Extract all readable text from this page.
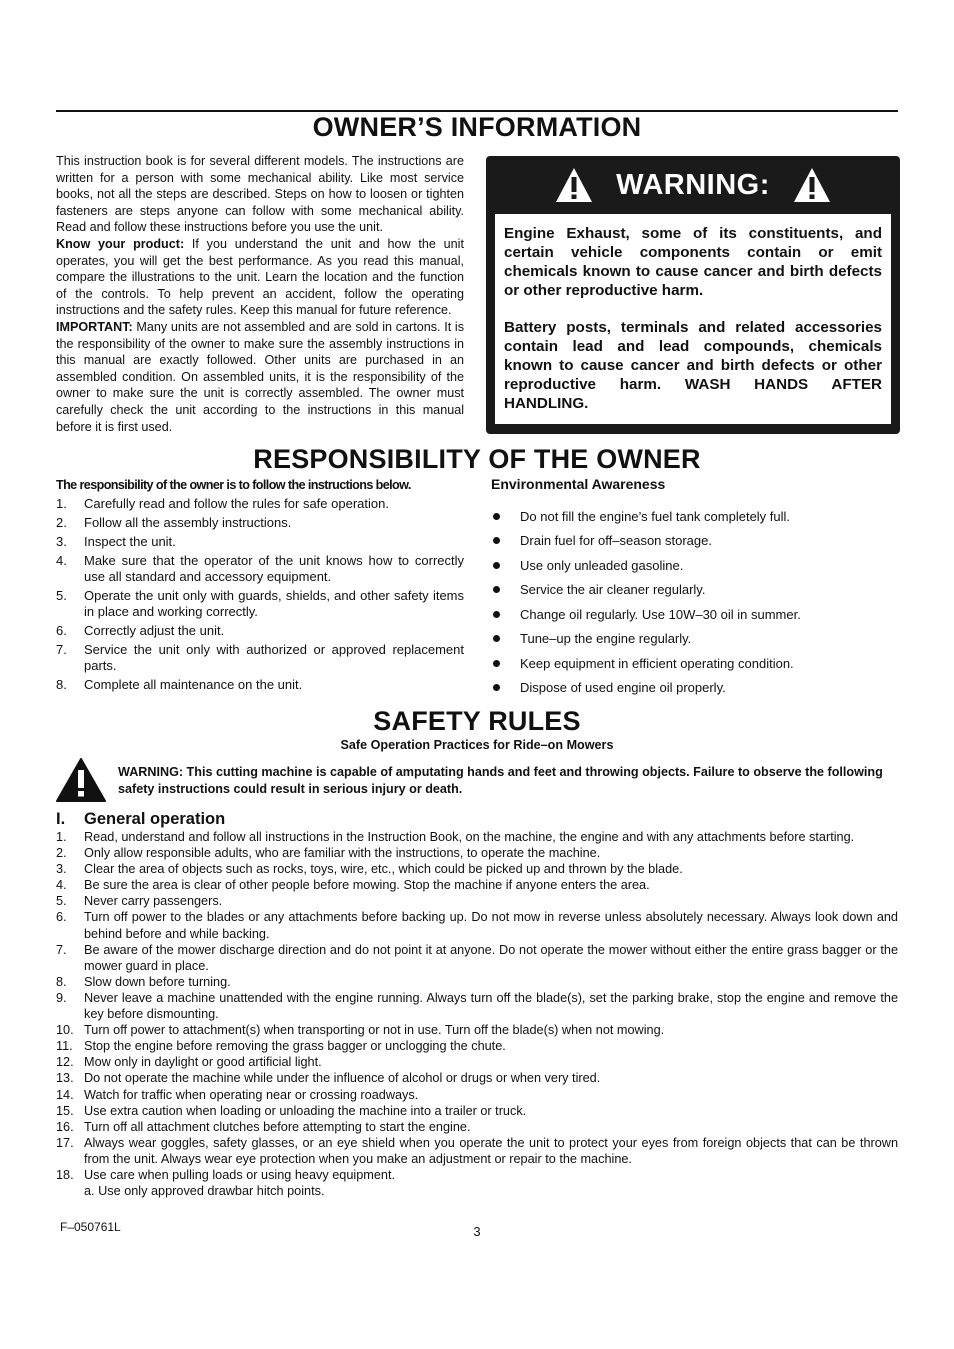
OWNER’S INFORMATION

This instruction book is for several different models. The instructions are written for a person with some mechanical ability. Like most service books, not all the steps are described. Steps on how to loosen or tighten fasteners are steps anyone can follow with some mechanical ability. Read and follow these instructions before you use the unit.

Know your product: If you understand the unit and how the unit operates, you will get the best performance. As you read this manual, compare the illustrations to the unit. Learn the location and the function of the controls. To help prevent an accident, follow the operating instructions and the safety rules. Keep this manual for future reference.

IMPORTANT: Many units are not assembled and are sold in cartons. It is the responsibility of the owner to make sure the assembly instructions in this manual are exactly followed. Other units are purchased in an assembled condition. On assembled units, it is the responsibility of the owner to make sure the unit is correctly assembled. The owner must carefully check the unit according to the instructions in this manual before it is first used.

WARNING:

Engine Exhaust, some of its constituents, and certain vehicle components contain or emit chemicals known to cause cancer and birth defects or other reproductive harm.

Battery posts, terminals and related accessories contain lead and lead compounds, chemicals known to cause cancer and birth defects or other reproductive harm. WASH HANDS AFTER HANDLING.

RESPONSIBILITY OF THE OWNER
The responsibility of the owner is to follow the instructions below.
1.	Carefully read and follow the rules for safe operation.
2.	Follow all the assembly instructions.
3.	Inspect the unit.
4.	Make sure that the operator of the unit knows how to correctly use all standard and accessory equipment.
5.	Operate the unit only with guards, shields, and other safety items in place and working correctly.
6.	Correctly adjust the unit.
7.	Service the unit only with authorized or approved replacement parts.
8.	Complete all maintenance on the unit.
Environmental Awareness
Do not fill the engine’s fuel tank completely full.
Drain fuel for off–season storage.
Use only unleaded gasoline.
Service the air cleaner regularly.
Change oil regularly. Use 10W–30 oil in summer.
Tune–up the engine regularly.
Keep equipment in efficient operating condition.
Dispose of used engine oil properly.
SAFETY RULES
Safe Operation Practices for Ride–on Mowers
WARNING: This cutting machine is capable of amputating hands and feet and throwing objects. Failure to observe the following safety instructions could result in serious injury or death.
I. General operation
1.	Read, understand and follow all instructions in the Instruction Book, on the machine, the engine and with any attachments before starting.
2.	Only allow responsible adults, who are familiar with the instructions, to operate the machine.
3.	Clear the area of objects such as rocks, toys, wire, etc., which could be picked up and thrown by the blade.
4.	Be sure the area is clear of other people before mowing. Stop the machine if anyone enters the area.
5.	Never carry passengers.
6.	Turn off power to the blades or any attachments before backing up. Do not mow in reverse unless absolutely necessary. Always look down and behind before and while backing.
7.	Be aware of the mower discharge direction and do not point it at anyone. Do not operate the mower without either the entire grass bagger or the mower guard in place.
8.	Slow down before turning.
9.	Never leave a machine unattended with the engine running. Always turn off the blade(s), set the parking brake, stop the engine and remove the key before dismounting.
10. Turn off power to attachment(s) when transporting or not in use. Turn off the blade(s) when not mowing.
11. Stop the engine before removing the grass bagger or unclogging the chute.
12. Mow only in daylight or good artificial light.
13. Do not operate the machine while under the influence of alcohol or drugs or when very tired.
14. Watch for traffic when operating near or crossing roadways.
15. Use extra caution when loading or unloading the machine into a trailer or truck.
16. Turn off all attachment clutches before attempting to start the engine.
17. Always wear goggles, safety glasses, or an eye shield when you operate the unit to protect your eyes from foreign objects that can be thrown from the unit. Always wear eye protection when you make an adjustment or repair to the machine.
18. Use care when pulling loads or using heavy equipment.
a. Use only approved drawbar hitch points.
F–050761L	3
